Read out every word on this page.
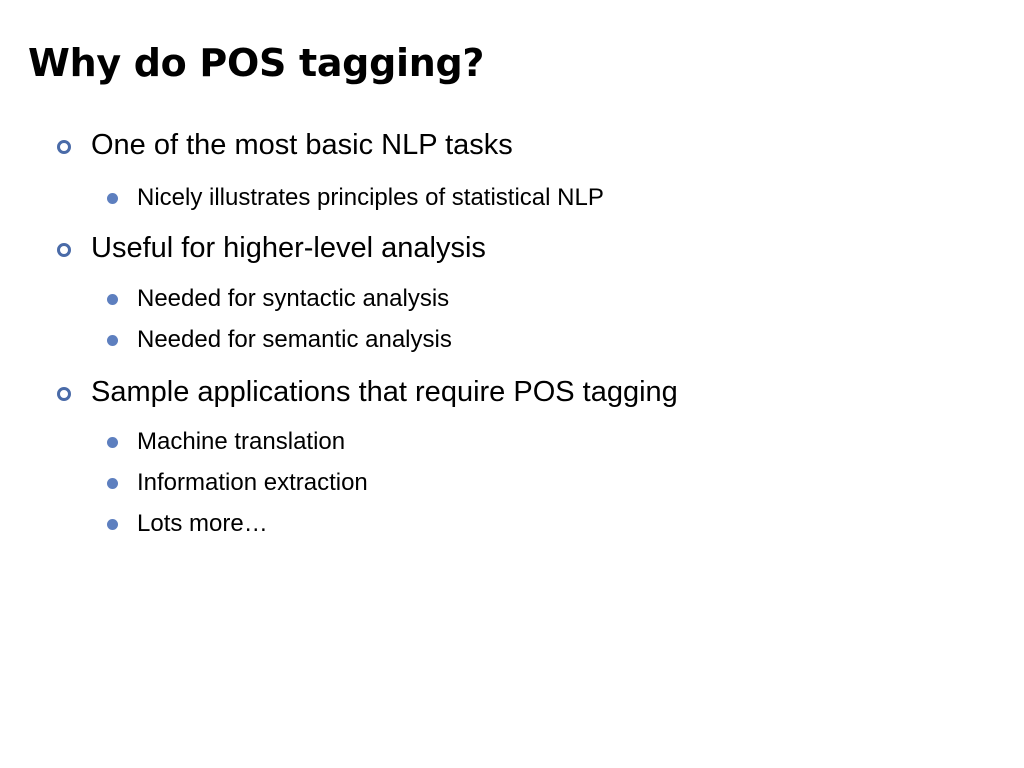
Why do POS tagging?
One of the most basic NLP tasks
Nicely illustrates principles of statistical NLP
Useful for higher-level analysis
Needed for syntactic analysis
Needed for semantic analysis
Sample applications that require POS tagging
Machine translation
Information extraction
Lots more…
